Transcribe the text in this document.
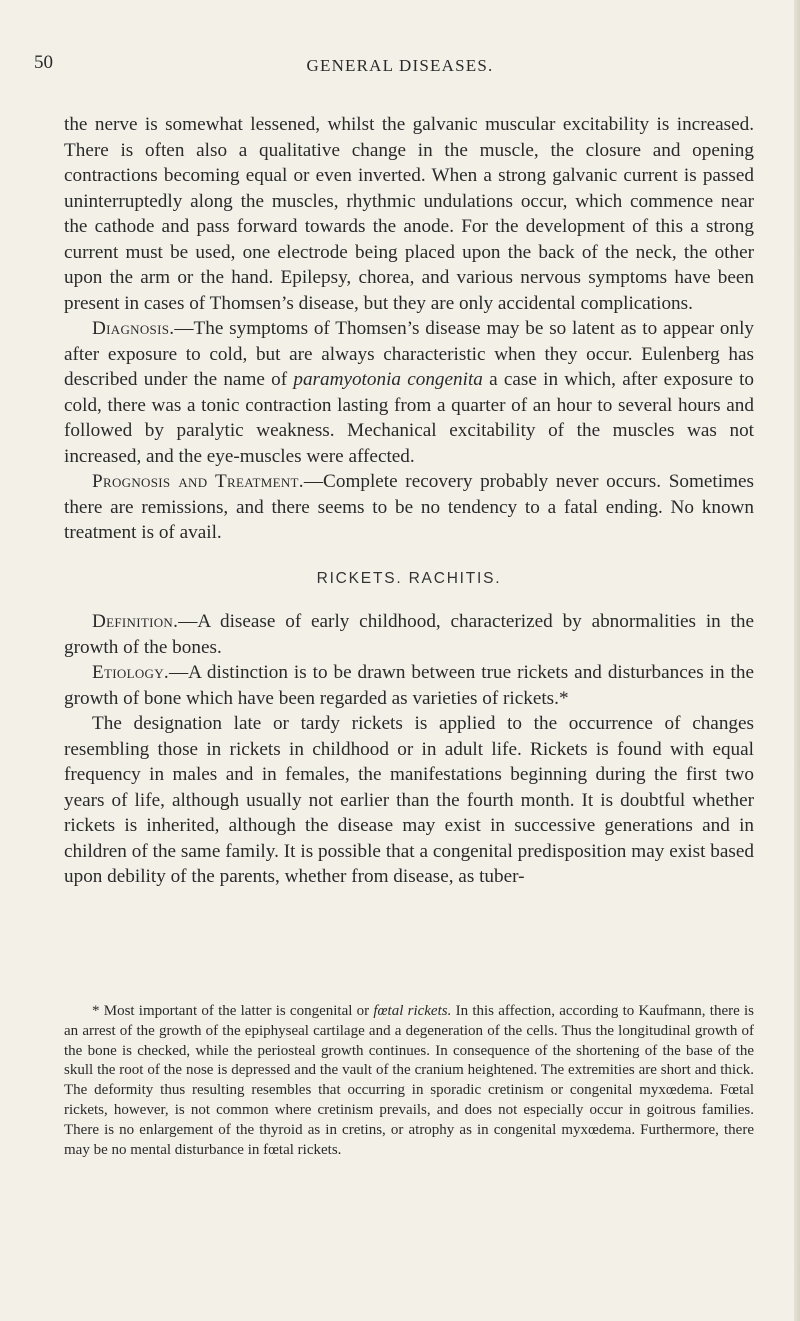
50	GENERAL DISEASES.

the nerve is somewhat lessened, whilst the galvanic muscular excitability is increased. There is often also a qualitative change in the muscle, the closure and opening contractions becoming equal or even inverted. When a strong galvanic current is passed uninterruptedly along the muscles, rhythmic undulations occur, which commence near the cathode and pass forward towards the anode. For the development of this a strong current must be used, one electrode being placed upon the back of the neck, the other upon the arm or the hand. Epilepsy, chorea, and various nervous symptoms have been present in cases of Thomsen’s disease, but they are only accidental complications.

Diagnosis.—The symptoms of Thomsen’s disease may be so latent as to appear only after exposure to cold, but are always characteristic when they occur. Eulenberg has described under the name of paramyotonia congenita a case in which, after exposure to cold, there was a tonic contraction lasting from a quarter of an hour to several hours and followed by paralytic weakness. Mechanical excitability of the muscles was not increased, and the eye-muscles were affected.

Prognosis and Treatment.—Complete recovery probably never occurs. Sometimes there are remissions, and there seems to be no tendency to a fatal ending. No known treatment is of avail.

RICKETS. RACHITIS.

Definition.—A disease of early childhood, characterized by abnormalities in the growth of the bones.

Etiology.—A distinction is to be drawn between true rickets and disturbances in the growth of bone which have been regarded as varieties of rickets.*

The designation late or tardy rickets is applied to the occurrence of changes resembling those in rickets in childhood or in adult life. Rickets is found with equal frequency in males and in females, the manifestations beginning during the first two years of life, although usually not earlier than the fourth month. It is doubtful whether rickets is inherited, although the disease may exist in successive generations and in children of the same family. It is possible that a congenital predisposition may exist based upon debility of the parents, whether from disease, as tuber-

* Most important of the latter is congenital or fœtal rickets. In this affection, according to Kaufmann, there is an arrest of the growth of the epiphyseal cartilage and a degeneration of the cells. Thus the longitudinal growth of the bone is checked, while the periosteal growth continues. In consequence of the shortening of the base of the skull the root of the nose is depressed and the vault of the cranium heightened. The extremities are short and thick. The deformity thus resulting resembles that occurring in sporadic cretinism or congenital myxœdema. Fœtal rickets, however, is not common where cretinism prevails, and does not especially occur in goitrous families. There is no enlargement of the thyroid as in cretins, or atrophy as in congenital myxœdema. Furthermore, there may be no mental disturbance in fœtal rickets.
